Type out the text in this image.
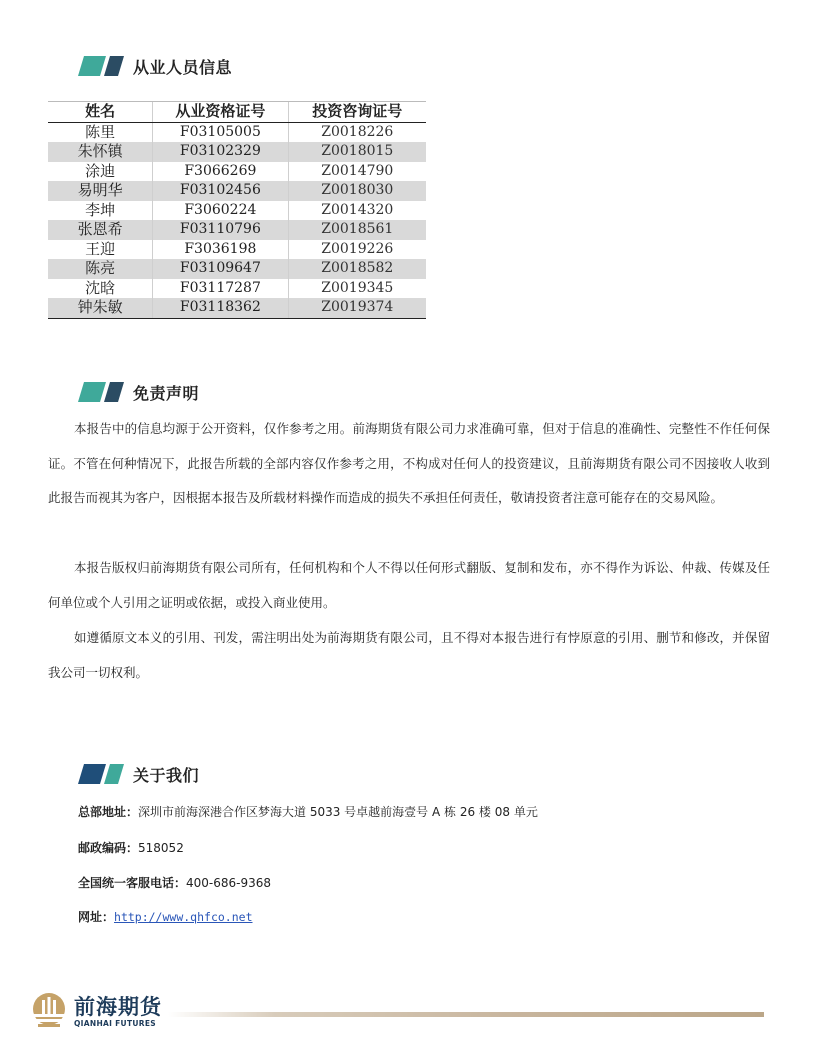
从业人员信息
姓名	从业资格证号	投资咨询证号
陈里	F03105005	Z0018226
朱怀镇	F03102329	Z0018015
涂迪	F3066269	Z0014790
易明华	F03102456	Z0018030
李坤	F3060224	Z0014320
张恩希	F03110796	Z0018561
王迎	F3036198	Z0019226
陈亮	F03109647	Z0018582
沈晗	F03117287	Z0019345
钟朱敏	F03118362	Z0019374
免责声明
本报告中的信息均源于公开资料，仅作参考之用。前海期货有限公司力求准确可靠，但对于信息的准确性、完整性不作任何保证。不管在何种情况下，此报告所载的全部内容仅作参考之用，不构成对任何人的投资建议，且前海期货有限公司不因接收人收到此报告而视其为客户，因根据本报告及所载材料操作而造成的损失不承担任何责任，敬请投资者注意可能存在的交易风险。
本报告版权归前海期货有限公司所有，任何机构和个人不得以任何形式翻版、复制和发布，亦不得作为诉讼、仲裁、传媒及任何单位或个人引用之证明或依据，或投入商业使用。
如遵循原文本义的引用、刊发，需注明出处为前海期货有限公司，且不得对本报告进行有悖原意的引用、删节和修改，并保留我公司一切权利。
关于我们
总部地址：深圳市前海深港合作区梦海大道 5033 号卓越前海壹号 A 栋 26 楼 08 单元
邮政编码：518052
全国统一客服电话：400-686-9368
网址：http://www.qhfco.net
前海期货
QIANHAI FUTURES
